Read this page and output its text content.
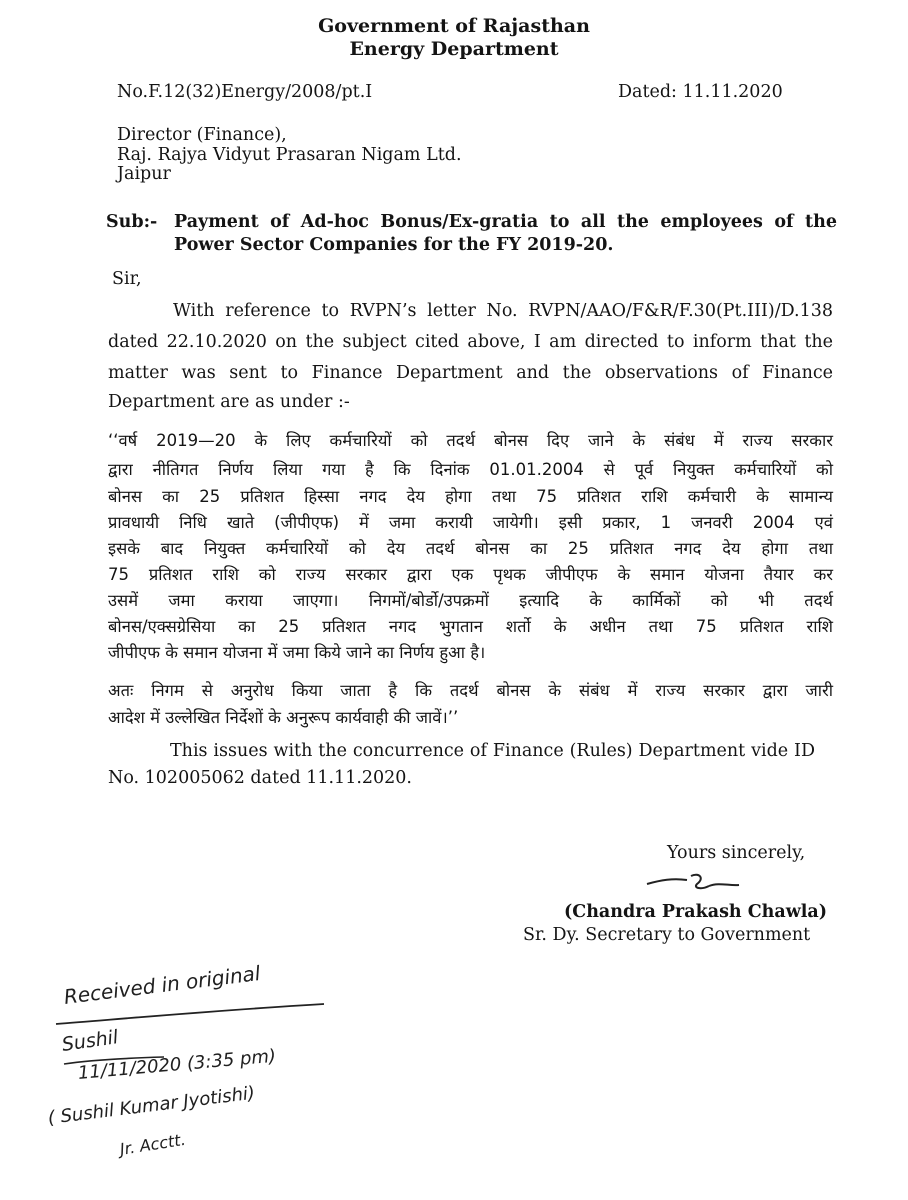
Government of Rajasthan
Energy Department
No.F.12(32)Energy/2008/pt.I	Dated: 11.11.2020
Director (Finance),
Raj. Rajya Vidyut Prasaran Nigam Ltd.
Jaipur
Sub:- Payment of Ad-hoc Bonus/Ex-gratia to all the employees of the
Power Sector Companies for the FY 2019-20.
Sir,
With reference to RVPN’s letter No. RVPN/AAO/F&R/F.30(Pt.III)/D.138
dated 22.10.2020 on the subject cited above, I am directed to inform that the
matter was sent to Finance Department and the observations of Finance
Department are as under :-
‘‘वर्ष 2019—20 के लिए कर्मचारियों को तदर्थ बोनस दिए जाने के संबंध में राज्य सरकार
द्वारा नीतिगत निर्णय लिया गया है कि दिनांक 01.01.2004 से पूर्व नियुक्त कर्मचारियों को
बोनस का 25 प्रतिशत हिस्सा नगद देय होगा तथा 75 प्रतिशत राशि कर्मचारी के सामान्य
प्रावधायी निधि खाते (जीपीएफ) में जमा करायी जायेगी। इसी प्रकार, 1 जनवरी 2004 एवं
इसके बाद नियुक्त कर्मचारियों को देय तदर्थ बोनस का 25 प्रतिशत नगद देय होगा तथा
75 प्रतिशत राशि को राज्य सरकार द्वारा एक पृथक जीपीएफ के समान योजना तैयार कर
उसमें जमा कराया जाएगा। निगमों/बोर्डो/उपक्रमों इत्यादि के कार्मिकों को भी तदर्थ
बोनस/एक्सग्रेसिया का 25 प्रतिशत नगद भुगतान शर्तो के अधीन तथा 75 प्रतिशत राशि
जीपीएफ के समान योजना में जमा किये जाने का निर्णय हुआ है।
अतः निगम से अनुरोध किया जाता है कि तदर्थ बोनस के संबंध में राज्य सरकार द्वारा जारी
आदेश में उल्लेखित निर्देशों के अनुरूप कार्यवाही की जावें।’’
This issues with the concurrence of Finance (Rules) Department vide ID
No. 102005062 dated 11.11.2020.
Yours sincerely,
(Chandra Prakash Chawla)
Sr. Dy. Secretary to Government
Received in original
Sushil
11/11/2020 (3:35 pm)
( Sushil Kumar Jyotishi)
Jr. Acctt.
